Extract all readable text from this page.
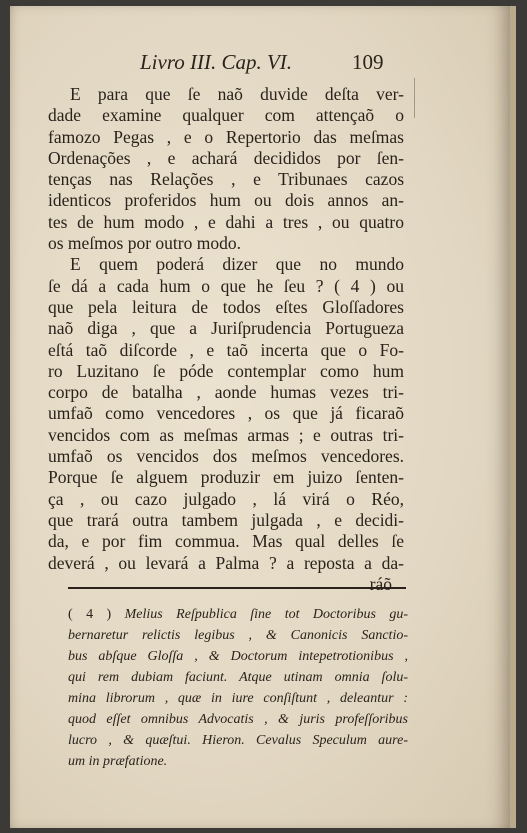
Livro III. Cap. VI.	109
E para que ſe naõ duvide deſta ver-
dade examine qualquer com attençaõ o
famozo Pegas , e o Repertorio das meſmas
Ordenações , e achará decididos por ſen-
tenças nas Relações , e Tribunaes cazos
identicos proferidos hum ou dois annos an-
tes de hum modo , e dahi a tres , ou quatro
os meſmos por outro modo.
E quem poderá dizer que no mundo
ſe dá a cada hum o que he ſeu ? ( 4 ) ou
que pela leitura de todos eſtes Gloſſadores
naõ diga , que a Juriſprudencia Portugueza
eſtá taõ diſcorde , e taõ incerta que o Fo-
ro Luzitano ſe póde contemplar como hum
corpo de batalha , aonde humas vezes tri-
umfaõ como vencedores , os que já ficaraõ
vencidos com as meſmas armas ; e outras tri-
umfaõ os vencidos dos meſmos vencedores.
Porque ſe alguem produzir em juizo ſenten-
ça , ou cazo julgado , lá virá o Réo,
que trará outra tambem julgada , e decidi-
da, e por fim commua. Mas qual delles ſe
deverá , ou levará a Palma ? a reposta a da-
ráõ
( 4 ) Melius Reſpublica ſine tot Doctoribus gu-
bernaretur relictis legibus , & Canonicis Sanctio-
bus abſque Gloſſa , & Doctorum intepetrotionibus ,
qui rem dubiam faciunt. Atque utinam omnia ſolu-
mina librorum , quæ in iure conſiſtunt , deleantur :
quod eſſet omnibus Advocatis , & juris profeſſoribus
lucro , & quæſtui. Hieron. Cevalus Speculum aure-
um in præfatione.
